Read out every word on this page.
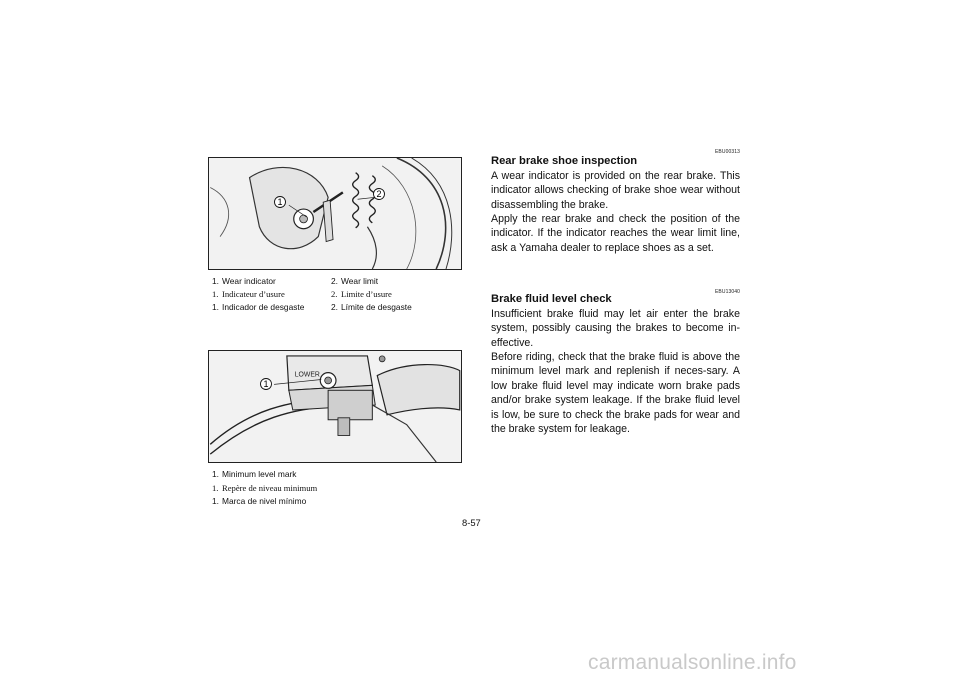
1
2
1. Wear indicator
1. Indicateur d’usure
1. Indicador de desgaste
2. Wear limit
2. Limite d’usure
2. Límite de desgaste
LOWER
1
1. Minimum level mark
1. Repère de niveau minimum
1. Marca de nivel mínimo
EBU00313
Rear brake shoe inspection

A wear indicator is provided on the rear brake. This indicator allows checking of brake shoe wear without disassembling the brake.

Apply the rear brake and check the position of the indicator. If the indicator reaches the wear limit line, ask a Yamaha dealer to replace shoes as a set.

EBU13040
Brake fluid level check

Insufficient brake fluid may let air enter the brake system, possibly causing the brakes to become in-effective.

Before riding, check that the brake fluid is above the minimum level mark and replenish if neces-sary. A low brake fluid level may indicate worn brake pads and/or brake system leakage. If the brake fluid level is low, be sure to check the brake pads for wear and the brake system for leakage.

8-57
carmanualsonline.info
